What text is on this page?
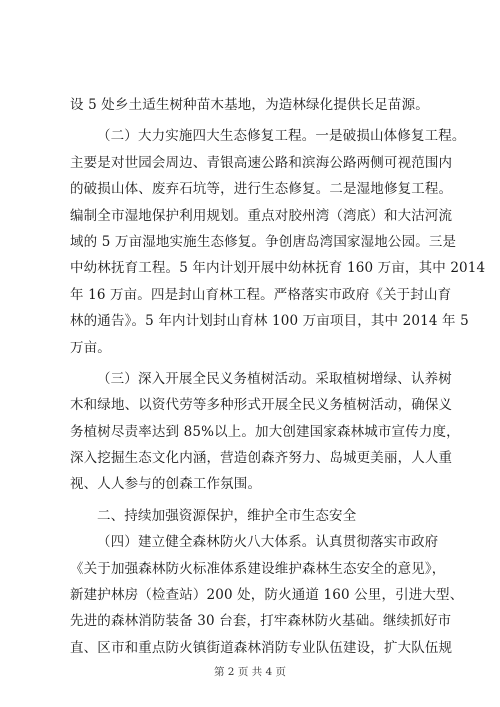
设 5 处乡土适生树种苗木基地，为造林绿化提供长足苗源。
（二）大力实施四大生态修复工程。一是破损山体修复工程。
主要是对世园会周边、青银高速公路和滨海公路两侧可视范围内
的破损山体、废弃石坑等，进行生态修复。二是湿地修复工程。
编制全市湿地保护利用规划。重点对胶州湾（湾底）和大沽河流
域的 5 万亩湿地实施生态修复。争创唐岛湾国家湿地公园。三是
中幼林抚育工程。5 年内计划开展中幼林抚育 160 万亩，其中 2014
年 16 万亩。四是封山育林工程。严格落实市政府《关于封山育
林的通告》。5 年内计划封山育林 100 万亩项目，其中 2014 年 5
万亩。
（三）深入开展全民义务植树活动。采取植树增绿、认养树
木和绿地、以资代劳等多种形式开展全民义务植树活动，确保义
务植树尽责率达到 85%以上。加大创建国家森林城市宣传力度，
深入挖掘生态文化内涵，营造创森齐努力、岛城更美丽，人人重
视、人人参与的创森工作氛围。
二、持续加强资源保护，维护全市生态安全
（四）建立健全森林防火八大体系。认真贯彻落实市政府
《关于加强森林防火标准体系建设维护森林生态安全的意见》，
新建护林房（检查站）200 处，防火通道 160 公里，引进大型、
先进的森林消防装备 30 台套，打牢森林防火基础。继续抓好市
直、区市和重点防火镇街道森林消防专业队伍建设，扩大队伍规
第 2 页 共 4 页
